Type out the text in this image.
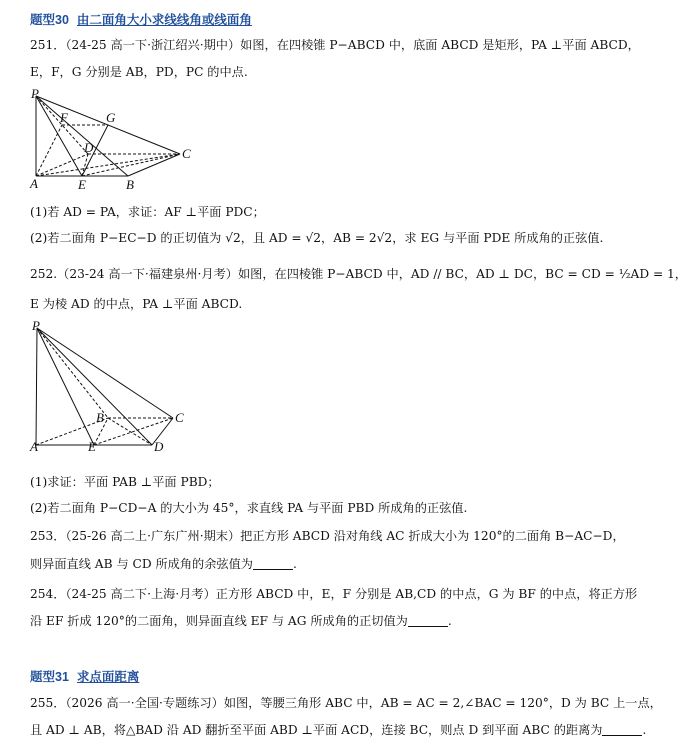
题型30 由二面角大小求线线角或线面角
251．（24-25 高一下·浙江绍兴·期中）如图，在四棱锥 P−ABCD 中，底面 ABCD 是矩形，PA ⊥平面 ABCD，
E，F，G 分别是 AB，PD，PC 的中点.
P
F	G
D	C
A	E	B
(1)若 AD = PA，求证：AF ⊥平面 PDC；
(2)若二面角 P−EC−D 的正切值为 √2，且 AD = √2，AB = 2√2，求 EG 与平面 PDE 所成角的正弦值.
252.（23-24 高一下·福建泉州·月考）如图，在四棱锥 P−ABCD 中，AD // BC，AD ⊥ DC，BC = CD = ½AD = 1，
E 为棱 AD 的中点，PA ⊥平面 ABCD.
P
B	C
A	E	D
(1)求证：平面 PAB ⊥平面 PBD；
(2)若二面角 P−CD−A 的大小为 45°，求直线 PA 与平面 PBD 所成角的正弦值.
253．（25-26 高二上·广东广州·期末）把正方形 ABCD 沿对角线 AC 折成大小为 120°的二面角 B−AC−D，
则异面直线 AB 与 CD 所成角的余弦值为	.
254．（24-25 高二下·上海·月考）正方形 ABCD 中，E，F 分别是 AB,CD 的中点，G 为 BF 的中点，将正方形
沿 EF 折成 120°的二面角，则异面直线 EF 与 AG 所成角的正切值为	.
题型31 求点面距离
255．（2026 高一·全国·专题练习）如图，等腰三角形 ABC 中，AB = AC = 2,∠BAC = 120°，D 为 BC 上一点，
且 AD ⊥ AB，将△BAD 沿 AD 翻折至平面 ABD ⊥平面 ACD，连接 BC，则点 D 到平面 ABC 的距离为	.
